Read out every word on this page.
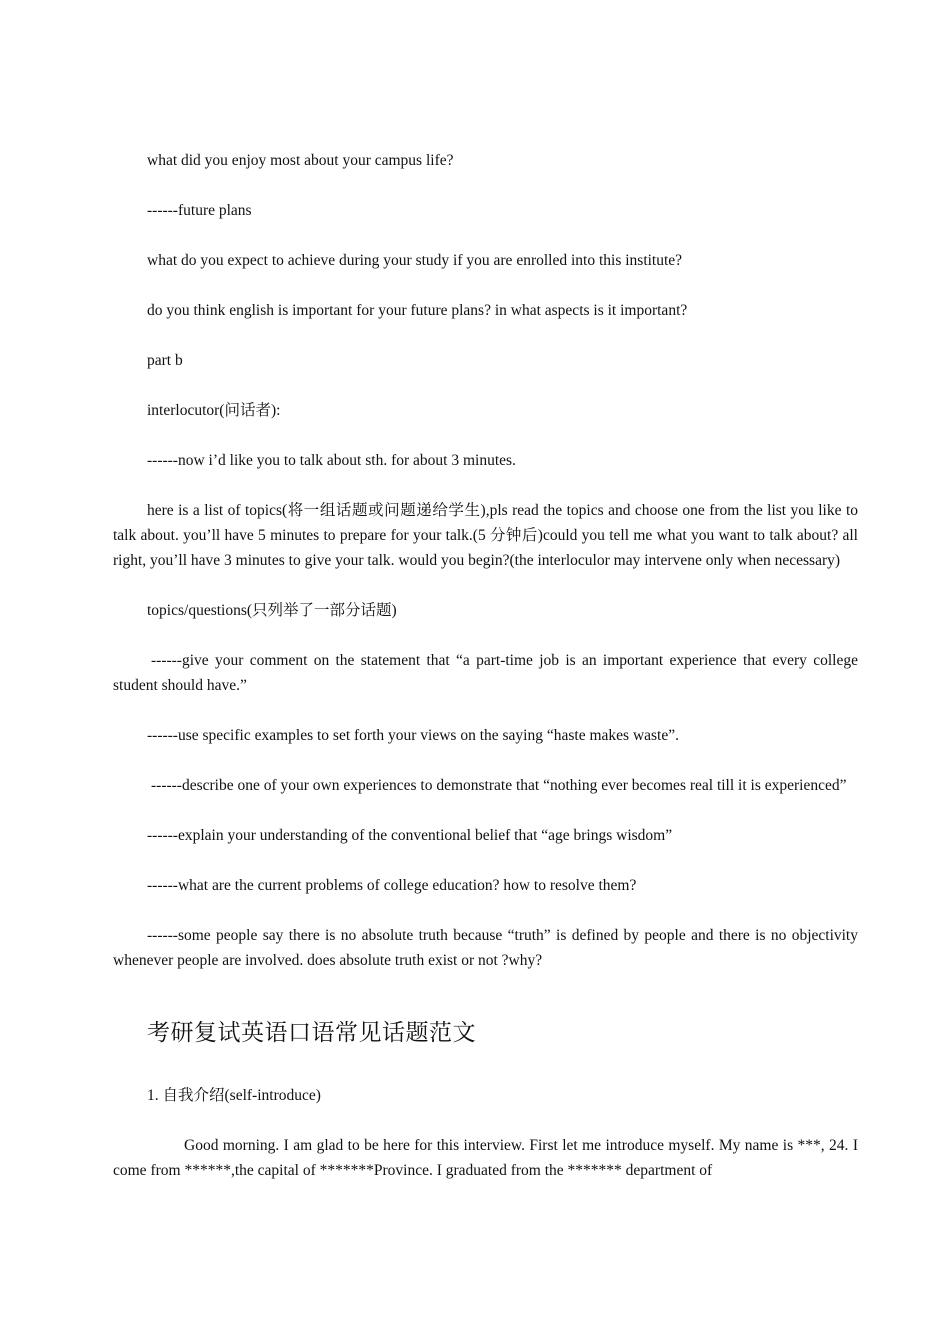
what did you enjoy most about your campus life?

------future plans

what do you expect to achieve during your study if you are enrolled into this institute?

do you think english is important for your future plans? in what aspects is it important?

part b

interlocutor(问话者):

------now i’d like you to talk about sth. for about 3 minutes.

here is a list of topics(将一组话题或问题递给学生),pls read the topics and choose one from the list you like to talk about. you’ll have 5 minutes to prepare for your talk.(5 分钟后)could you tell me what you want to talk about? all right, you’ll have 3 minutes to give your talk. would you begin?(the interloculor may intervene only when necessary)

topics/questions(只列举了一部分话题)

------give your comment on the statement that “a part-time job is an important experience that every college student should have.”

------use specific examples to set forth your views on the saying “haste makes waste”.

------describe one of your own experiences to demonstrate that “nothing ever becomes real till it is experienced”

------explain your understanding of the conventional belief that “age brings wisdom”

------what are the current problems of college education? how to resolve them?

------some people say there is no absolute truth because “truth” is defined by people and there is no objectivity whenever people are involved. does absolute truth exist or not ?why?

考研复试英语口语常见话题范文

1. 自我介绍(self-introduce)

Good morning. I am glad to be here for this interview. First let me introduce myself. My name is ***, 24. I come from ******,the capital of *******Province. I graduated from the ******* department of
